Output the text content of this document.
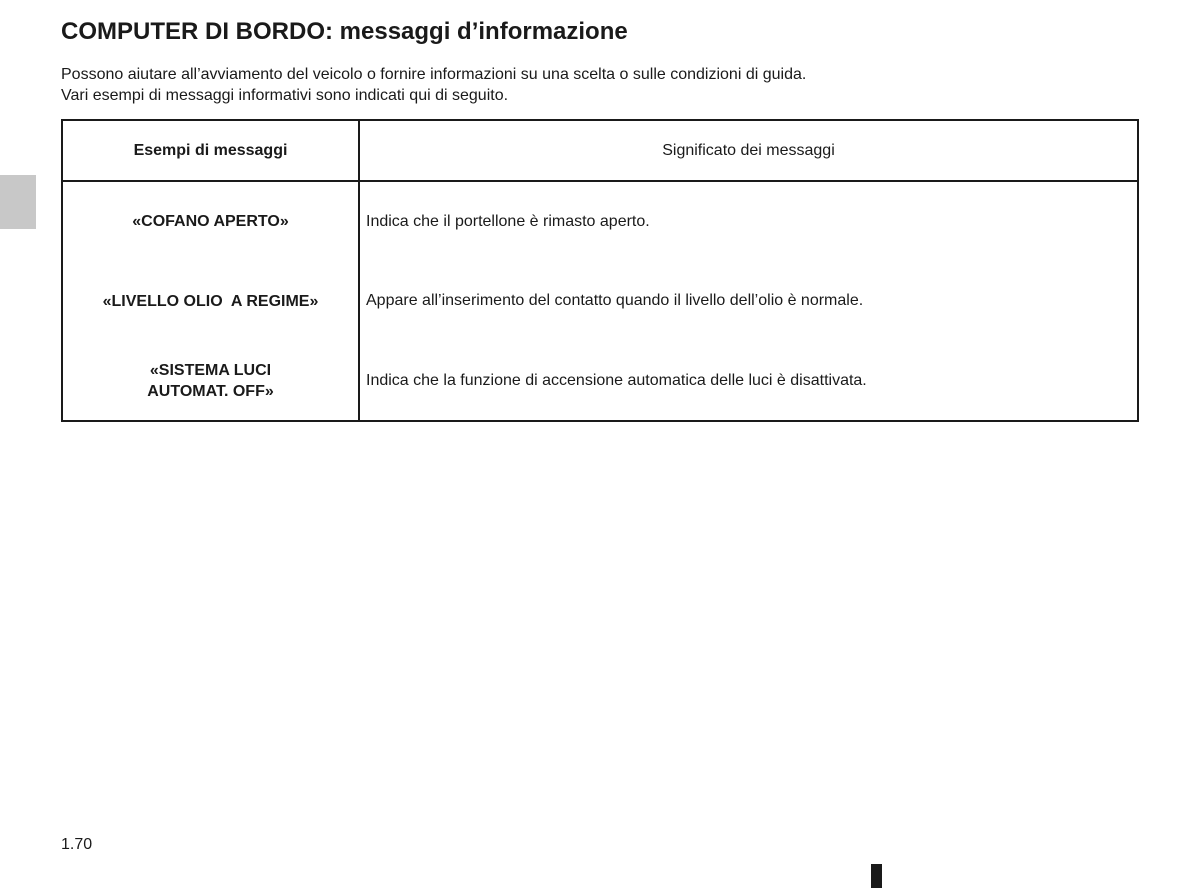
COMPUTER DI BORDO: messaggi d’informazione

Possono aiutare all’avviamento del veicolo o fornire informazioni su una scelta o sulle condizioni di guida.

Vari esempi di messaggi informativi sono indicati qui di seguito.

Esempi di messaggi	Significato dei messaggi
«COFANO APERTO»	Indica che il portellone è rimasto aperto.
«LIVELLO OLIO  A REGIME»	Appare all’inserimento del contatto quando il livello dell’olio è normale.
«SISTEMA LUCI
AUTOMAT. OFF»	Indica che la funzione di accensione automatica delle luci è disattivata.
1.70
